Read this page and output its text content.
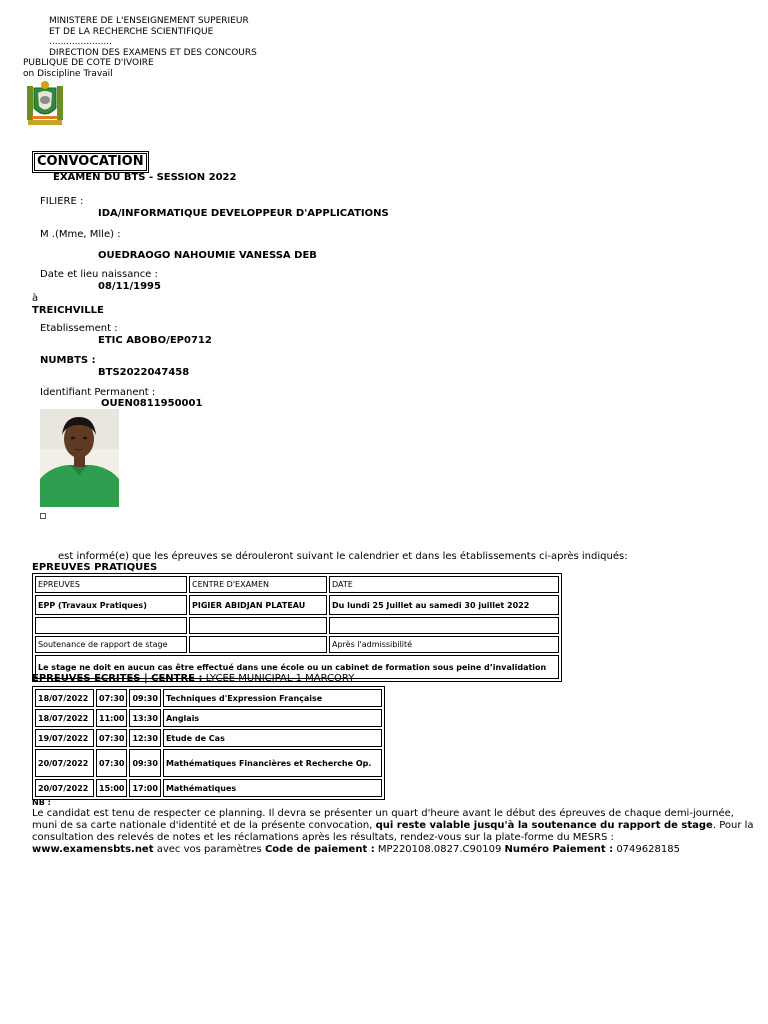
MINISTERE DE L'ENSEIGNEMENT SUPERIEUR
ET DE LA RECHERCHE SCIENTIFIQUE
......................
DIRECTION DES EXAMENS ET DES CONCOURS
PUBLIQUE DE COTE D'IVOIRE
on Discipline Travail
CONVOCATION
EXAMEN DU BTS - SESSION 2022
FILIERE :
IDA/INFORMATIQUE DEVELOPPEUR D'APPLICATIONS
M .(Mme, Mlle) :
OUEDRAOGO NAHOUMIE VANESSA DEB
Date et lieu naissance :
08/11/1995
à
TREICHVILLE
Etablissement :
ETIC ABOBO/EP0712
NUMBTS :
BTS2022047458
Identifiant Permanent :
OUEN0811950001
est informé(e) que les épreuves se dérouleront suivant le calendrier et dans les établissements ci-après indiqués:
EPREUVES PRATIQUES
EPREUVES	CENTRE D'EXAMEN	DATE
EPP (Travaux Pratiques)	PIGIER ABIDJAN PLATEAU	Du lundi 25 Juillet au samedi 30 juillet 2022

Soutenance de rapport de stage		Après l'admissibilité
Le stage ne doit en aucun cas être effectué dans une école ou un cabinet de formation sous peine d’invalidation		
EPREUVES ECRITES | CENTRE : LYCEE MUNICIPAL 1 MARCORY
18/07/2022	07:30	09:30	Techniques d'Expression Française
18/07/2022	11:00	13:30	Anglais
19/07/2022	07:30	12:30	Etude de Cas
20/07/2022	07:30	09:30	Mathématiques Financières et Recherche Op.
20/07/2022	15:00	17:00	Mathématiques
NB :
Le candidat est tenu de respecter ce planning. Il devra se présenter un quart d'heure avant le début des épreuves de chaque demi-journée, muni de sa carte nationale d'identité et de la présente convocation, qui reste valable jusqu'à la soutenance du rapport de stage. Pour la consultation des relevés de notes et les réclamations après les résultats, rendez-vous sur la plate-forme du MESRS :
www.examensbts.net avec vos paramètres Code de paiement : MP220108.0827.C90109 Numéro Paiement : 0749628185
